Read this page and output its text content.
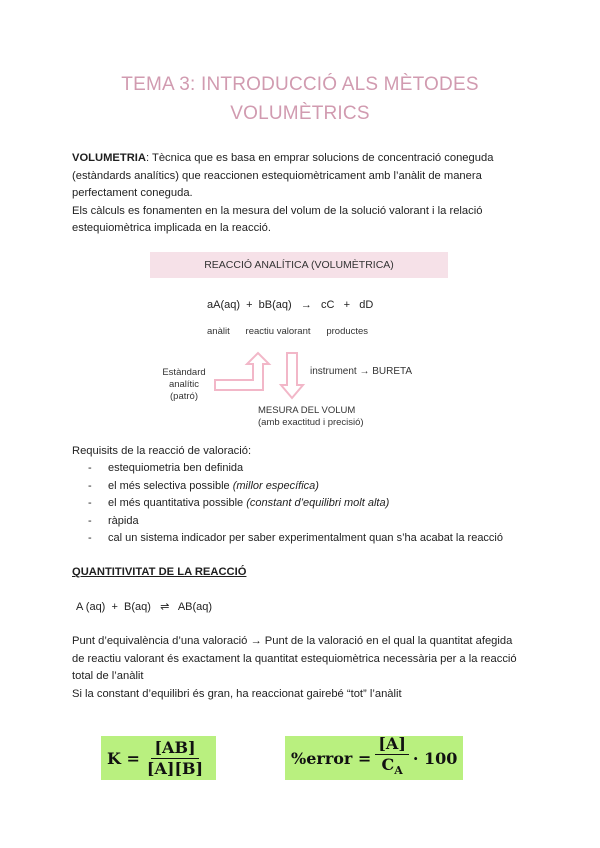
TEMA 3: INTRODUCCIÓ ALS MÈTODES
VOLUMÈTRICS
VOLUMETRIA: Tècnica que es basa en emprar solucions de concentració coneguda
(estàndards analítics) que reaccionen estequiomètricament amb l’anàlit de manera
perfectament coneguda.
Els càlculs es fonamenten en la mesura del volum de la solució valorant i la relació
estequiomètrica implicada en la reacció.
REACCIÓ ANALÍTICA (VOLUMÈTRICA)
aA(aq)  +  bB(aq)   →   cC   +   dD
anàlit      reactiu valorant      productes
Estàndard
analític
(patró)
instrument → BURETA
MESURA DEL VOLUM
(amb exactitud i precisió)
Requisits de la reacció de valoració:
- estequiometria ben definida
- el més selectiva possible (millor específica)
- el més quantitativa possible (constant d’equilibri molt alta)
- ràpida
- cal un sistema indicador per saber experimentalment quan s’ha acabat la reacció
QUANTITIVITAT DE LA REACCIÓ
A (aq)  +  B(aq)   ⇌   AB(aq)
Punt d’equivalència d’una valoració → Punt de la valoració en el qual la quantitat afegida
de reactiu valorant és exactament la quantitat estequiomètrica necessària per a la reacció
total de l’anàlit
Si la constant d’equilibri és gran, ha reaccionat gairebé “tot” l’anàlit
$K = \frac{[AB]}{[A][B]}$	%error = $\frac{[A]}{C_A} \cdot 100$
